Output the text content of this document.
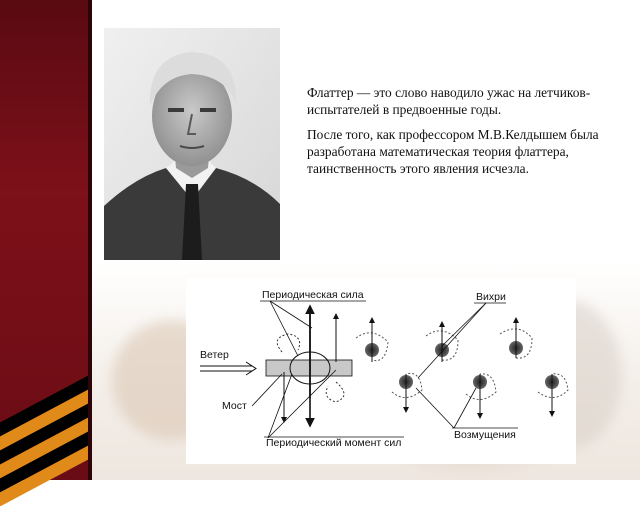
Флаттер — это слово наводило ужас на летчиков-испытателей в предвоенные годы.

После того, как профессором М.В.Келдышем была разработана математическая теория флаттера, таинственность этого явления исчезла.

Периодическая сила	Вихри
Ветер
Мост
Периодический момент сил
Возмущения
